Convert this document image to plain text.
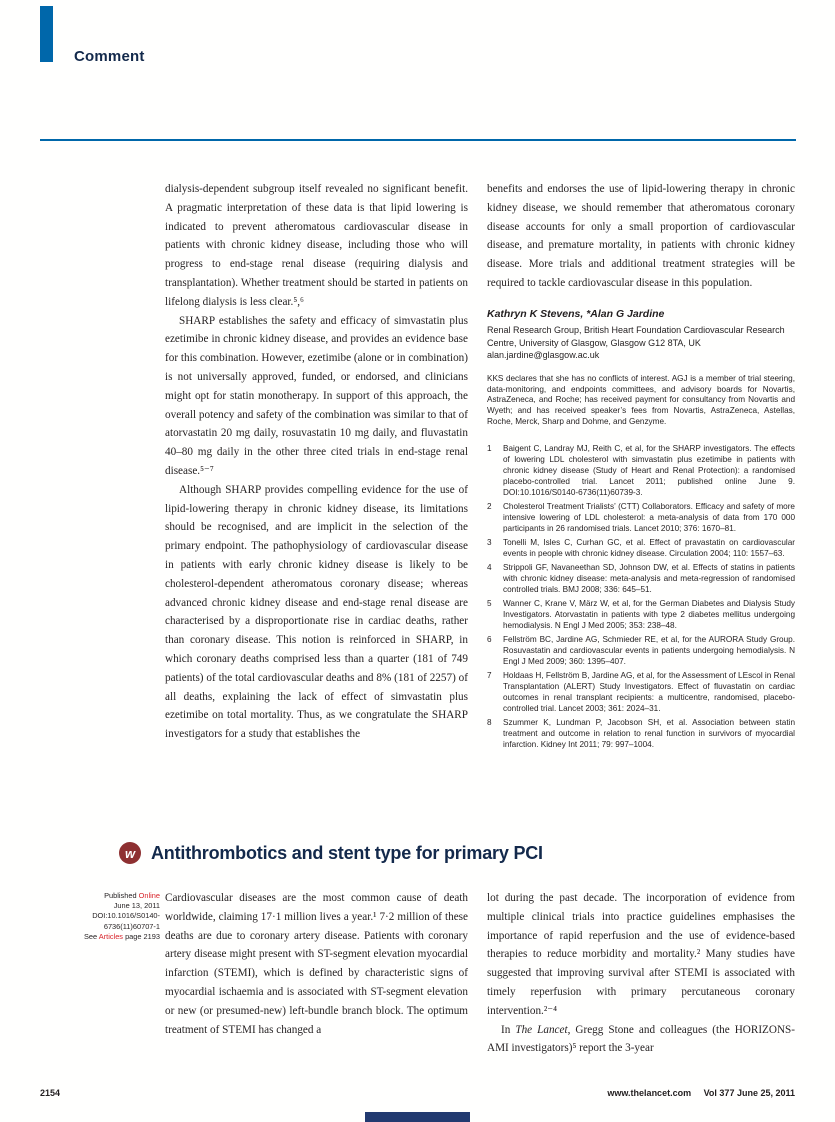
Comment

dialysis-dependent subgroup itself revealed no significant benefit. A pragmatic interpretation of these data is that lipid lowering is indicated to prevent atheromatous cardiovascular disease in patients with chronic kidney disease, including those who will progress to end-stage renal disease (requiring dialysis and transplantation). Whether treatment should be started in patients on lifelong dialysis is less clear.⁵,⁶

SHARP establishes the safety and efficacy of simvastatin plus ezetimibe in chronic kidney disease, and provides an evidence base for this combination. However, ezetimibe (alone or in combination) is not universally approved, funded, or endorsed, and clinicians might opt for statin monotherapy. In support of this approach, the overall potency and safety of the combination was similar to that of atorvastatin 20 mg daily, rosuvastatin 10 mg daily, and fluvastatin 40–80 mg daily in the other three cited trials in end-stage renal disease.⁵⁻⁷

Although SHARP provides compelling evidence for the use of lipid-lowering therapy in chronic kidney disease, its limitations should be recognised, and are implicit in the selection of the primary endpoint. The pathophysiology of cardiovascular disease in patients with early chronic kidney disease is likely to be cholesterol-dependent atheromatous coronary disease; whereas advanced chronic kidney disease and end-stage renal disease are characterised by a disproportionate rise in cardiac deaths, rather than coronary disease. This notion is reinforced in SHARP, in which coronary deaths comprised less than a quarter (181 of 749 patients) of the total cardiovascular deaths and 8% (181 of 2257) of all deaths, explaining the lack of effect of simvastatin plus ezetimibe on total mortality. Thus, as we congratulate the SHARP investigators for a study that establishes the

benefits and endorses the use of lipid-lowering therapy in chronic kidney disease, we should remember that atheromatous coronary disease accounts for only a small proportion of cardiovascular disease, and premature mortality, in patients with chronic kidney disease. More trials and additional treatment strategies will be required to tackle cardiovascular disease in this population.

Kathryn K Stevens, *Alan G Jardine

Renal Research Group, British Heart Foundation Cardiovascular Research Centre, University of Glasgow, Glasgow G12 8TA, UK

alan.jardine@glasgow.ac.uk

KKS declares that she has no conflicts of interest. AGJ is a member of trial steering, data-monitoring, and endpoints committees, and advisory boards for Novartis, AstraZeneca, and Roche; has received payment for consultancy from Novartis and Wyeth; and has received speaker’s fees from Novartis, AstraZeneca, Astellas, Roche, Merck, Sharp and Dohme, and Genzyme.

1	Baigent C, Landray MJ, Reith C, et al, for the SHARP investigators. The effects of lowering LDL cholesterol with simvastatin plus ezetimibe in patients with chronic kidney disease (Study of Heart and Renal Protection): a randomised placebo-controlled trial. Lancet 2011; published online June 9. DOI:10.1016/S0140-6736(11)60739-3.
2	Cholesterol Treatment Trialists’ (CTT) Collaborators. Efficacy and safety of more intensive lowering of LDL cholesterol: a meta-analysis of data from 170 000 participants in 26 randomised trials. Lancet 2010; 376: 1670–81.
3	Tonelli M, Isles C, Curhan GC, et al. Effect of pravastatin on cardiovascular events in people with chronic kidney disease. Circulation 2004; 110: 1557–63.
4	Strippoli GF, Navaneethan SD, Johnson DW, et al. Effects of statins in patients with chronic kidney disease: meta-analysis and meta-regression of randomised controlled trials. BMJ 2008; 336: 645–51.
5	Wanner C, Krane V, März W, et al, for the German Diabetes and Dialysis Study Investigators. Atorvastatin in patients with type 2 diabetes mellitus undergoing hemodialysis. N Engl J Med 2005; 353: 238–48.
6	Fellström BC, Jardine AG, Schmieder RE, et al, for the AURORA Study Group. Rosuvastatin and cardiovascular events in patients undergoing hemodialysis. N Engl J Med 2009; 360: 1395–407.
7	Holdaas H, Fellström B, Jardine AG, et al, for the Assessment of LEscol in Renal Transplantation (ALERT) Study Investigators. Effect of fluvastatin on cardiac outcomes in renal transplant recipients: a multicentre, randomised, placebo-controlled trial. Lancet 2003; 361: 2024–31.
8	Szummer K, Lundman P, Jacobson SH, et al. Association between statin treatment and outcome in relation to renal function in survivors of myocardial infarction. Kidney Int 2011; 79: 997–1004.
w Antithrombotics and stent type for primary PCI
Published Online
June 13, 2011
DOI:10.1016/S0140-
6736(11)60707-1
See Articles page 2193

Cardiovascular diseases are the most common cause of death worldwide, claiming 17·1 million lives a year.¹ 7·2 million of these deaths are due to coronary artery disease. Patients with coronary artery disease might present with ST-segment elevation myocardial infarction (STEMI), which is defined by characteristic signs of myocardial ischaemia and is associated with ST-segment elevation or new (or presumed-new) left-bundle branch block. The optimum treatment of STEMI has changed a

lot during the past decade. The incorporation of evidence from multiple clinical trials into practice guidelines emphasises the importance of rapid reperfusion and the use of evidence-based therapies to reduce morbidity and mortality.² Many studies have suggested that improving survival after STEMI is associated with timely reperfusion with primary percutaneous coronary intervention.²⁻⁴

In The Lancet, Gregg Stone and colleagues (the HORIZONS-AMI investigators)⁵ report the 3-year

2154	www.thelancet.com Vol 377 June 25, 2011
